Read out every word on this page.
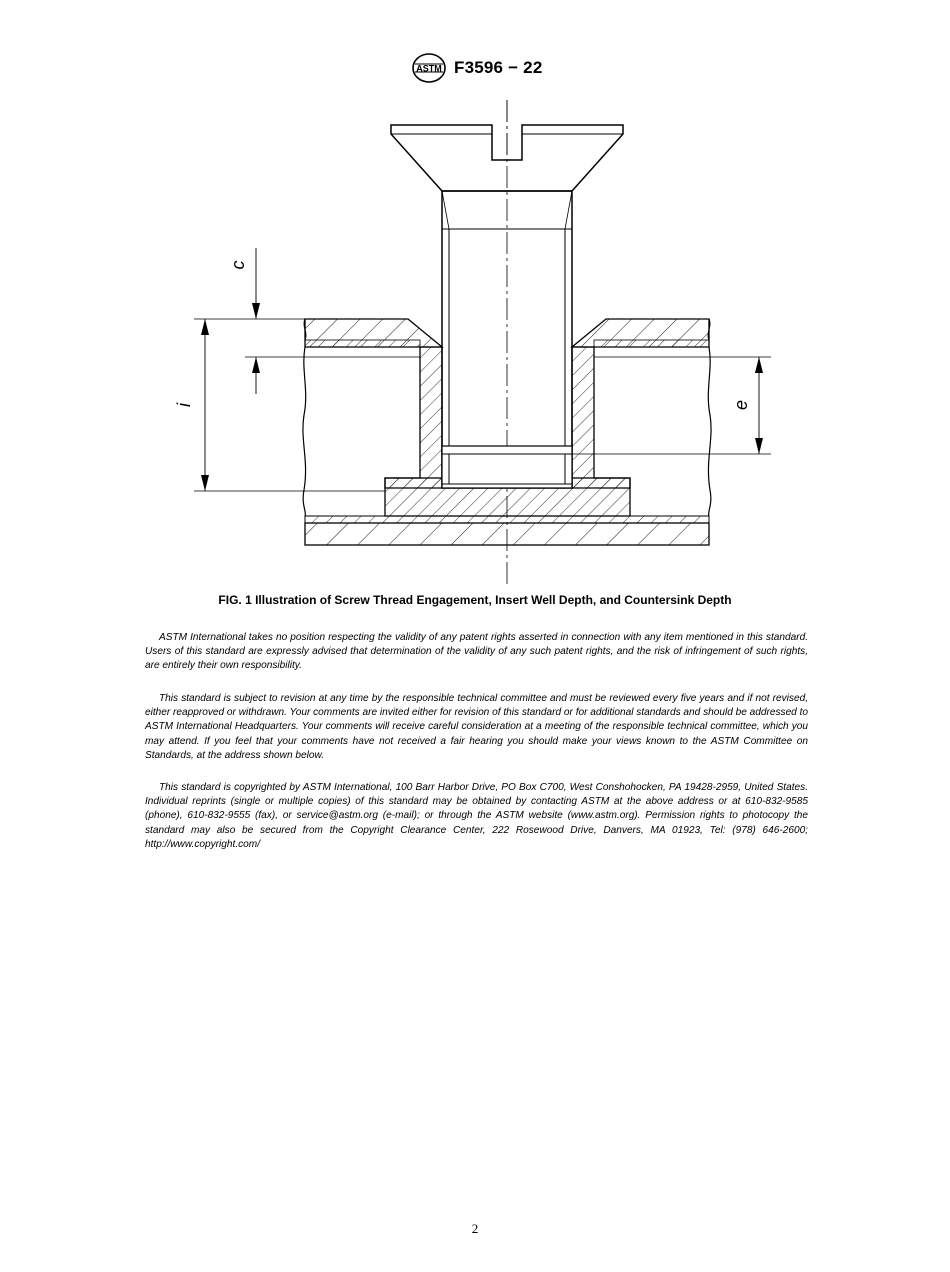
ASTM F3596 − 22
c
i	e
FIG. 1 Illustration of Screw Thread Engagement, Insert Well Depth, and Countersink Depth

ASTM International takes no position respecting the validity of any patent rights asserted in connection with any item mentioned in this standard. Users of this standard are expressly advised that determination of the validity of any such patent rights, and the risk of infringement of such rights, are entirely their own responsibility.

This standard is subject to revision at any time by the responsible technical committee and must be reviewed every five years and if not revised, either reapproved or withdrawn. Your comments are invited either for revision of this standard or for additional standards and should be addressed to ASTM International Headquarters. Your comments will receive careful consideration at a meeting of the responsible technical committee, which you may attend. If you feel that your comments have not received a fair hearing you should make your views known to the ASTM Committee on Standards, at the address shown below.

This standard is copyrighted by ASTM International, 100 Barr Harbor Drive, PO Box C700, West Conshohocken, PA 19428-2959, United States. Individual reprints (single or multiple copies) of this standard may be obtained by contacting ASTM at the above address or at 610-832-9585 (phone), 610-832-9555 (fax), or service@astm.org (e-mail); or through the ASTM website (www.astm.org). Permission rights to photocopy the standard may also be secured from the Copyright Clearance Center, 222 Rosewood Drive, Danvers, MA 01923, Tel: (978) 646-2600; http://www.copyright.com/

2
